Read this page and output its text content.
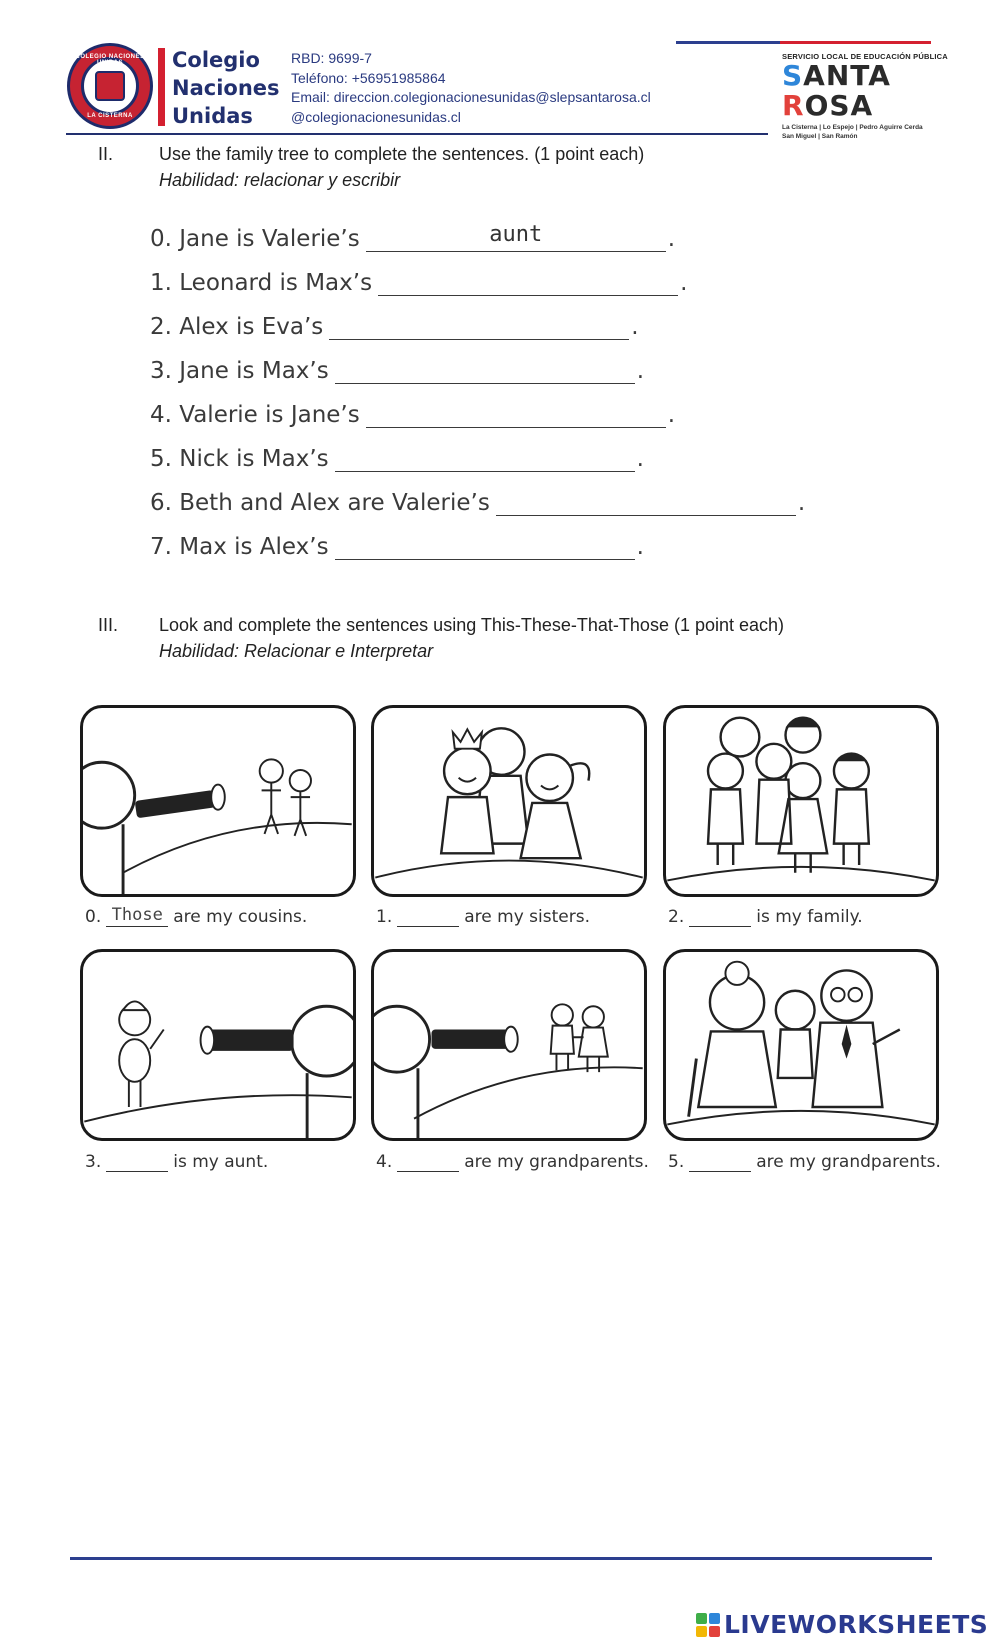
COLEGIO NACIONES UNIDAS
LA CISTERNA
Colegio
Naciones
Unidas
RBD: 9699-7
Teléfono: +56951985864
Email: direccion.colegionacionesunidas@slepsantarosa.cl
@colegionacionesunidas.cl
SERVICIO LOCAL DE EDUCACIÓN PÚBLICA
SANTA
ROSA
La Cisterna | Lo Espejo | Pedro Aguirre Cerda
San Miguel | San Ramón
II.	Use the family tree to complete the sentences. (1 point each)
Habilidad: relacionar y escribir
0. Jane is Valerie’s	aunt	.
1. Leonard is Max’s	.
2. Alex is Eva’s	.
3. Jane is Max’s	.
4. Valerie is Jane’s	.
5. Nick is Max’s	.
6. Beth and Alex are Valerie’s	.
7. Max is Alex’s	.
III. Look and complete the sentences using This-These-That-Those (1 point each)
Habilidad: Relacionar e Interpretar
0. Those are my cousins.	1.	are my sisters.	2.	is my family.
3.	is my aunt.	4.	are my grandparents. 5.	are my grandparents.
LIVEWORKSHEETS
